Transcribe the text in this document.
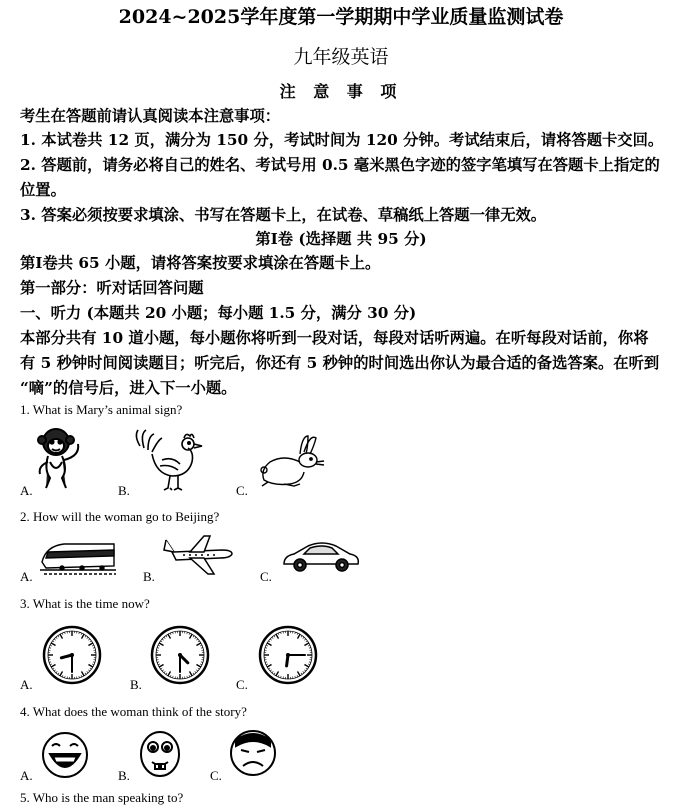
2024~2025学年度第一学期期中学业质量监测试卷
九年级英语
注 意 事 项
考生在答题前请认真阅读本注意事项：
1. 本试卷共 12 页，满分为 150 分，考试时间为 120 分钟。考试结束后，请将答题卡交回。
2. 答题前，请务必将自己的姓名、考试号用 0.5 毫米黑色字迹的签字笔填写在答题卡上指定的
位置。
3. 答案必须按要求填涂、书写在答题卡上，在试卷、草稿纸上答题一律无效。
第Ⅰ卷 (选择题 共 95 分)
第Ⅰ卷共 65 小题，请将答案按要求填涂在答题卡上。
第一部分：听对话回答问题
一、听力 (本题共 20 小题；每小题 1.5 分，满分 30 分)
本部分共有 10 道小题，每小题你将听到一段对话，每段对话听两遍。在听每段对话前，你将
有 5 秒钟时间阅读题目；听完后，你还有 5 秒钟的时间选出你认为最合适的备选答案。在听到
“嘀”的信号后，进入下一小题。
1. What is Mary’s animal sign?
A.	B.	C.
2. How will the woman go to Beijing?
A.	B.	C.
3. What is the time now?
A.	B.	C.
4. What does the woman think of the story?
A.	B.	C.
5. Who is the man speaking to?
